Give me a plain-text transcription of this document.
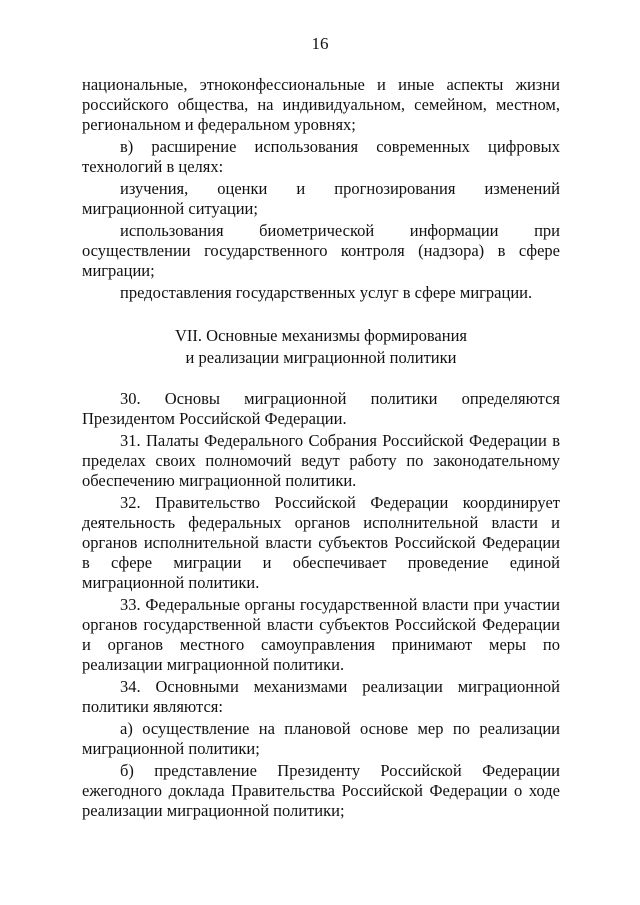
16

национальные, этноконфессиональные и иные аспекты жизни российского общества, на индивидуальном, семейном, местном, региональном и федеральном уровнях;

в) расширение использования современных цифровых технологий в целях:

изучения, оценки и прогнозирования изменений миграционной ситуации;

использования биометрической информации при осуществлении государственного контроля (надзора) в сфере миграции;

предоставления государственных услуг в сфере миграции.

VII. Основные механизмы формирования
и реализации миграционной политики

30. Основы миграционной политики определяются Президентом Российской Федерации.

31. Палаты Федерального Собрания Российской Федерации в пределах своих полномочий ведут работу по законодательному обеспечению миграционной политики.

32. Правительство Российской Федерации координирует деятельность федеральных органов исполнительной власти и органов исполнительной власти субъектов Российской Федерации в сфере миграции и обеспечивает проведение единой миграционной политики.

33. Федеральные органы государственной власти при участии органов государственной власти субъектов Российской Федерации и органов местного самоуправления принимают меры по реализации миграционной политики.

34. Основными механизмами реализации миграционной политики являются:

а) осуществление на плановой основе мер по реализации миграционной политики;

б) представление Президенту Российской Федерации ежегодного доклада Правительства Российской Федерации о ходе реализации миграционной политики;
